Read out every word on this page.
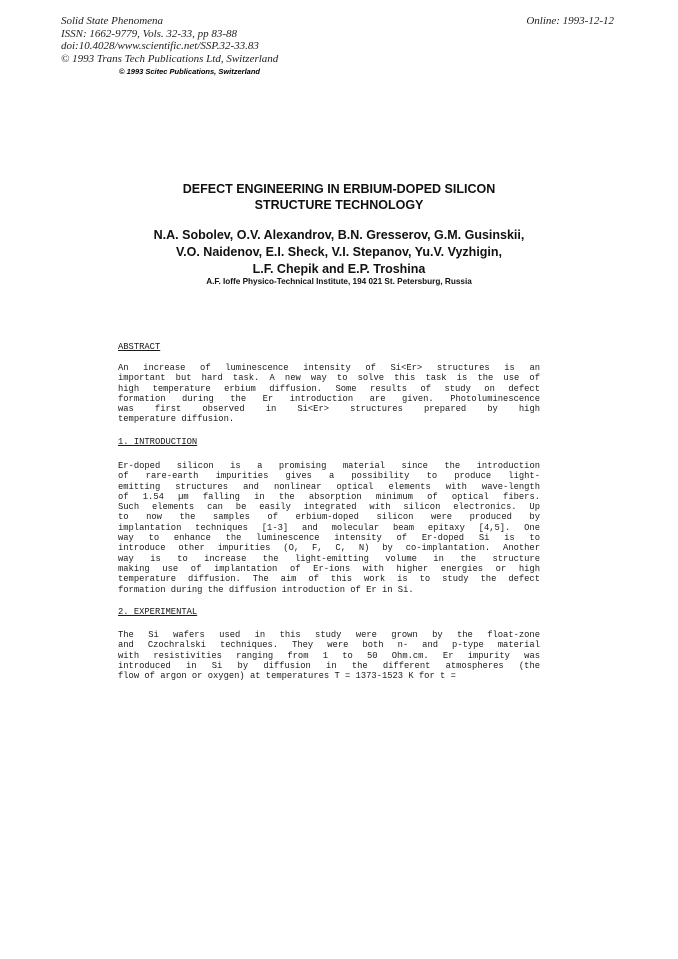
Solid State Phenomena
ISSN: 1662-9779, Vols. 32-33, pp 83-88
doi:10.4028/www.scientific.net/SSP.32-33.83
© 1993 Trans Tech Publications Ltd, Switzerland
Online: 1993-12-12
© 1993 Scitec Publications, Switzerland
DEFECT ENGINEERING IN ERBIUM-DOPED SILICON
STRUCTURE TECHNOLOGY
N.A. Sobolev, O.V. Alexandrov, B.N. Gresserov, G.M. Gusinskii,
V.O. Naidenov, E.I. Sheck, V.I. Stepanov, Yu.V. Vyzhigin,
L.F. Chepik and E.P. Troshina
A.F. Ioffe Physico-Technical Institute, 194 021 St. Petersburg, Russia
ABSTRACT
An increase of luminescence intensity of Si<Er> structures is an
important but hard task. A new way to solve this task is the use of
high temperature erbium diffusion. Some results of study on defect
formation during the Er introduction are given. Photoluminescence
was first observed in Si<Er> structures prepared by high
temperature diffusion.
1. INTRODUCTION
Er-doped silicon is a promising material since the introduction
of rare-earth impurities gives a possibility to produce light-
emitting structures and nonlinear optical elements with wave-length
of 1.54 µm falling in the absorption minimum of optical fibers.
Such elements can be easily integrated with silicon electronics. Up
to now the samples of erbium-doped silicon were produced by
implantation techniques [1-3] and molecular beam epitaxy [4,5]. One
way to enhance the luminescence intensity of Er-doped Si is to
introduce other impurities (O, F, C, N) by co-implantation. Another
way is to increase the light-emitting volume in the structure
making use of implantation of Er-ions with higher energies or high
temperature diffusion. The aim of this work is to study the defect
formation during the diffusion introduction of Er in Si.
2. EXPERIMENTAL
The Si wafers used in this study were grown by the float-zone
and Czochralski techniques. They were both n- and p-type material
with resistivities ranging from 1 to 50 Ohm.cm. Er impurity was
introduced in Si by diffusion in the different atmospheres (the
flow of argon or oxygen) at temperatures T = 1373-1523 K for t =
